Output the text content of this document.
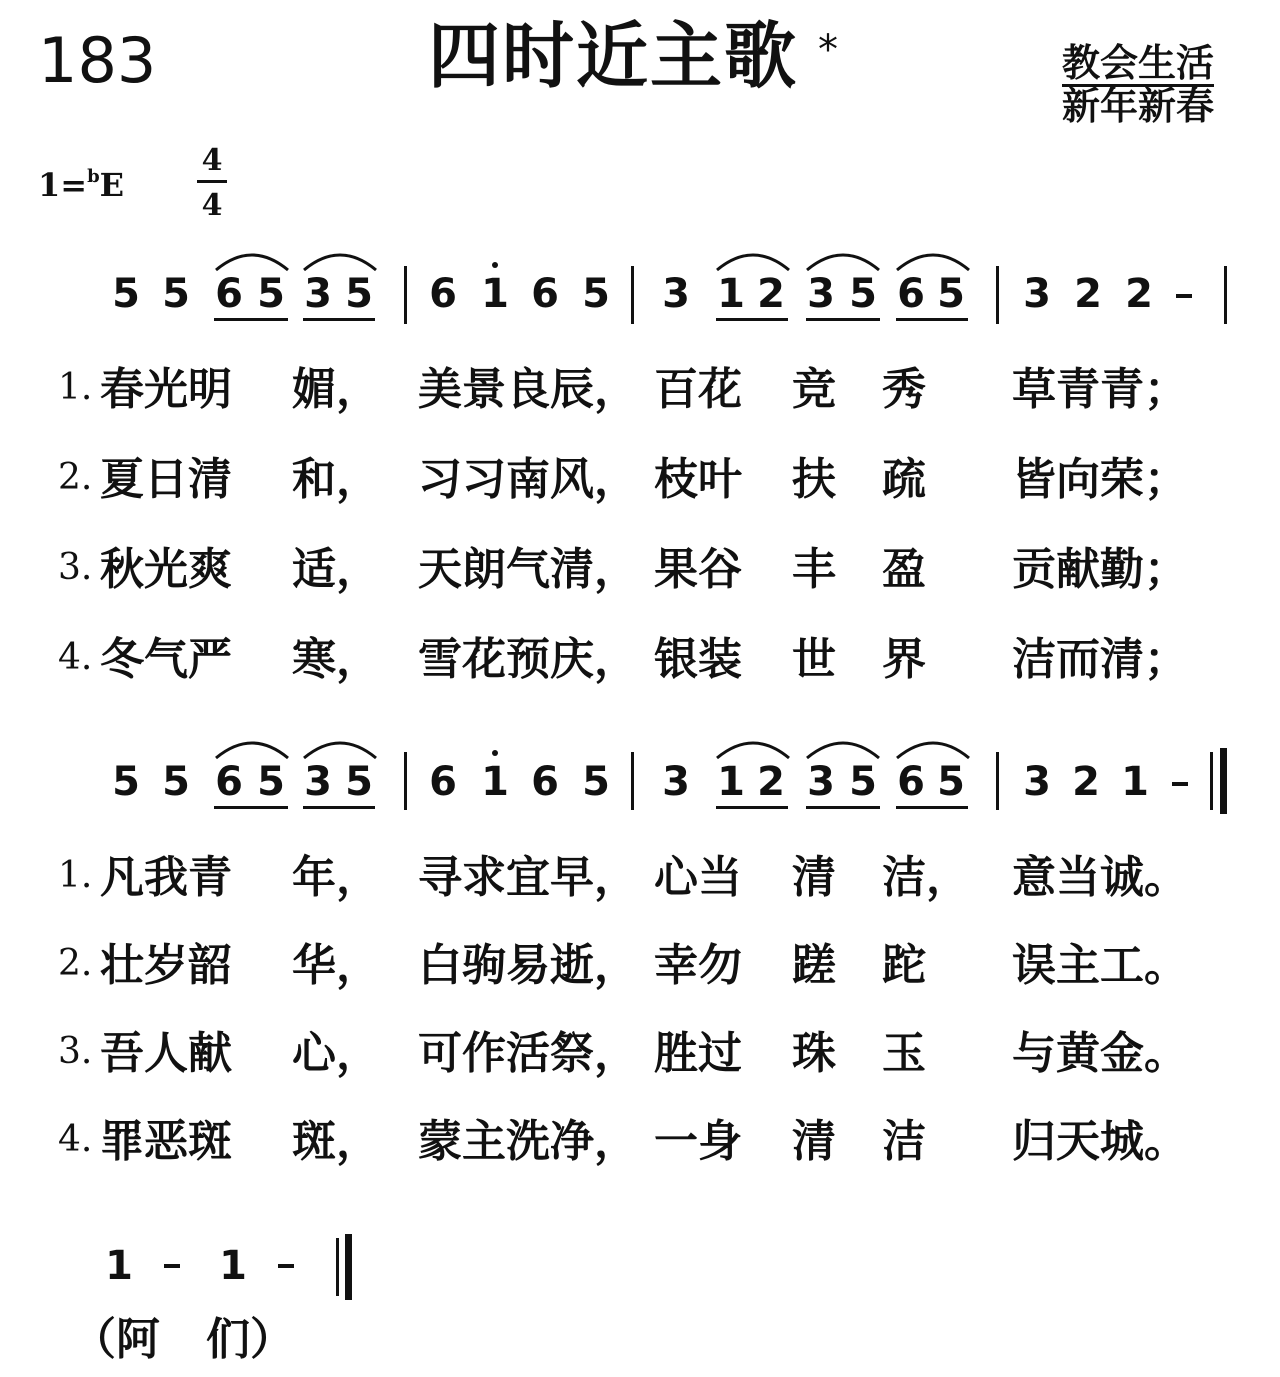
183	四时近主歌 *	教会生活
新年新春
$1=^bE \frac{4}{4}$
5 5 6 5 3 5 6 1 6 5 3 1 2 3 5 6 5 3 2 2
1. 春光明 媚， 美景良辰， 百花 竞 秀 草青青；
2. 夏日清 和， 习习南风， 枝叶 扶 疏 皆向荣；
3. 秋光爽 适， 天朗气清， 果谷 丰 盈 贡献勤；
4. 冬气严 寒， 雪花预庆， 银装 世 界 洁而清；
5 5 6 5 3 5 6 1 6 5 3 1 2 3 5 6 5 3 2 1
1. 凡我青 年， 寻求宜早， 心当 清 洁， 意当诚。
2. 壮岁韶 华， 白驹易逝， 幸勿 蹉 跎 误主工。
3. 吾人献 心， 可作活祭， 胜过 珠 玉 与黄金。
4. 罪恶斑 斑， 蒙主洗净， 一身 清 洁 归天城。
1 1
（阿 们）
